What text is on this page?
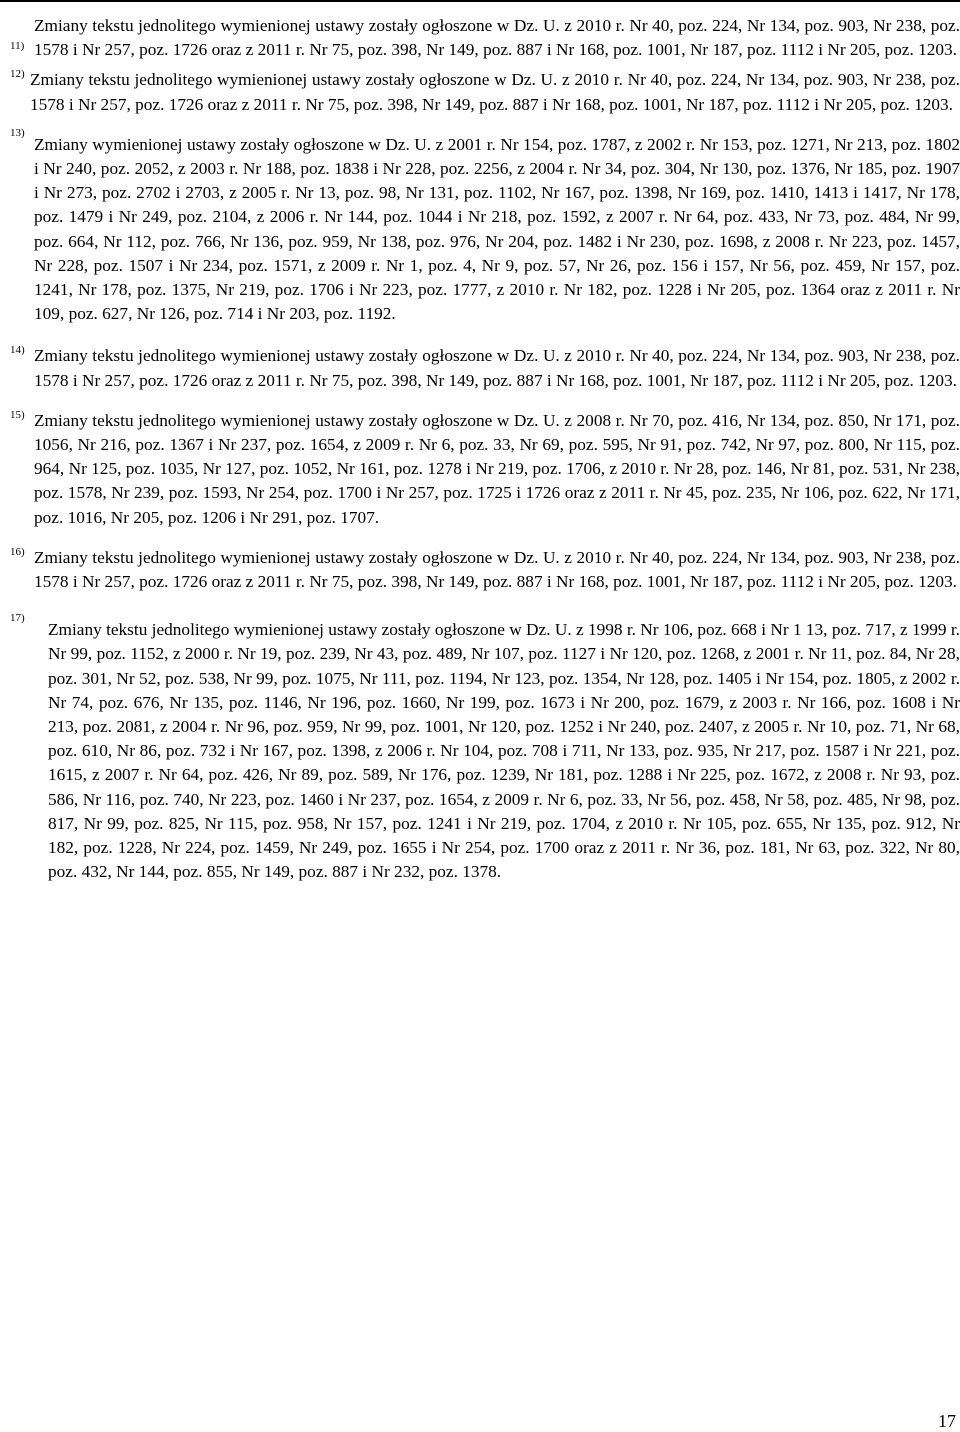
11)

Zmiany tekstu jednolitego wymienionej ustawy zostały ogłoszone w Dz. U. z 2010 r. Nr 40, poz. 224, Nr 134, poz. 903, Nr 238, poz. 1578 i Nr 257, poz. 1726 oraz z 2011 r. Nr 75, poz. 398, Nr 149, poz. 887 i Nr 168, poz. 1001, Nr 187, poz. 1112 i Nr 205, poz. 1203.

12) Zmiany tekstu jednolitego wymienionej ustawy zostały ogłoszone w Dz. U. z 2010 r. Nr 40, poz. 224, Nr 134, poz. 903, Nr 238, poz. 1578 i Nr 257, poz. 1726 oraz z 2011 r. Nr 75, poz. 398, Nr 149, poz. 887 i Nr 168, poz. 1001, Nr 187, poz. 1112 i Nr 205, poz. 1203.

13)

Zmiany wymienionej ustawy zostały ogłoszone w Dz. U. z 2001 r. Nr 154, poz. 1787, z 2002 r. Nr 153, poz. 1271, Nr 213, poz. 1802 i Nr 240, poz. 2052, z 2003 r. Nr 188, poz. 1838 i Nr 228, poz. 2256, z 2004 r. Nr 34, poz. 304, Nr 130, poz. 1376, Nr 185, poz. 1907 i Nr 273, poz. 2702 i 2703, z 2005 r. Nr 13, poz. 98, Nr 131, poz. 1102, Nr 167, poz. 1398, Nr 169, poz. 1410, 1413 i 1417, Nr 178, poz. 1479 i Nr 249, poz. 2104, z 2006 r. Nr 144, poz. 1044 i Nr 218, poz. 1592, z 2007 r. Nr 64, poz. 433, Nr 73, poz. 484, Nr 99, poz. 664, Nr 112, poz. 766, Nr 136, poz. 959, Nr 138, poz. 976, Nr 204, poz. 1482 i Nr 230, poz. 1698, z 2008 r. Nr 223, poz. 1457, Nr 228, poz. 1507 i Nr 234, poz. 1571, z 2009 r. Nr 1, poz. 4, Nr 9, poz. 57, Nr 26, poz. 156 i 157, Nr 56, poz. 459, Nr 157, poz. 1241, Nr 178, poz. 1375, Nr 219, poz. 1706 i Nr 223, poz. 1777, z 2010 r. Nr 182, poz. 1228 i Nr 205, poz. 1364 oraz z 2011 r. Nr 109, poz. 627, Nr 126, poz. 714 i Nr 203, poz. 1192.

14) Zmiany tekstu jednolitego wymienionej ustawy zostały ogłoszone w Dz. U. z 2010 r. Nr 40, poz. 224, Nr 134, poz. 903, Nr 238, poz. 1578 i Nr 257, poz. 1726 oraz z 2011 r. Nr 75, poz. 398, Nr 149, poz. 887 i Nr 168, poz. 1001, Nr 187, poz. 1112 i Nr 205, poz. 1203.

15) Zmiany tekstu jednolitego wymienionej ustawy zostały ogłoszone w Dz. U. z 2008 r. Nr 70, poz. 416, Nr 134, poz. 850, Nr 171, poz. 1056, Nr 216, poz. 1367 i Nr 237, poz. 1654, z 2009 r. Nr 6, poz. 33, Nr 69, poz. 595, Nr 91, poz. 742, Nr 97, poz. 800, Nr 115, poz. 964, Nr 125, poz. 1035, Nr 127, poz. 1052, Nr 161, poz. 1278 i Nr 219, poz. 1706, z 2010 r. Nr 28, poz. 146, Nr 81, poz. 531, Nr 238, poz. 1578, Nr 239, poz. 1593, Nr 254, poz. 1700 i Nr 257, poz. 1725 i 1726 oraz z 2011 r. Nr 45, poz. 235, Nr 106, poz. 622, Nr 171, poz. 1016, Nr 205, poz. 1206 i Nr 291, poz. 1707.

16) Zmiany tekstu jednolitego wymienionej ustawy zostały ogłoszone w Dz. U. z 2010 r. Nr 40, poz. 224, Nr 134, poz. 903, Nr 238, poz. 1578 i Nr 257, poz. 1726 oraz z 2011 r. Nr 75, poz. 398, Nr 149, poz. 887 i Nr 168, poz. 1001, Nr 187, poz. 1112 i Nr 205, poz. 1203.

17)

Zmiany tekstu jednolitego wymienionej ustawy zostały ogłoszone w Dz. U. z 1998 r. Nr 106, poz. 668 i Nr 1 13, poz. 717, z 1999 r. Nr 99, poz. 1152, z 2000 r. Nr 19, poz. 239, Nr 43, poz. 489, Nr 107, poz. 1127 i Nr 120, poz. 1268, z 2001 r. Nr 11, poz. 84, Nr 28, poz. 301, Nr 52, poz. 538, Nr 99, poz. 1075, Nr 111, poz. 1194, Nr 123, poz. 1354, Nr 128, poz. 1405 i Nr 154, poz. 1805, z 2002 r. Nr 74, poz. 676, Nr 135, poz. 1146, Nr 196, poz. 1660, Nr 199, poz. 1673 i Nr 200, poz. 1679, z 2003 r. Nr 166, poz. 1608 i Nr 213, poz. 2081, z 2004 r. Nr 96, poz. 959, Nr 99, poz. 1001, Nr 120, poz. 1252 i Nr 240, poz. 2407, z 2005 r. Nr 10, poz. 71, Nr 68, poz. 610, Nr 86, poz. 732 i Nr 167, poz. 1398, z 2006 r. Nr 104, poz. 708 i 711, Nr 133, poz. 935, Nr 217, poz. 1587 i Nr 221, poz. 1615, z 2007 r. Nr 64, poz. 426, Nr 89, poz. 589, Nr 176, poz. 1239, Nr 181, poz. 1288 i Nr 225, poz. 1672, z 2008 r. Nr 93, poz. 586, Nr 116, poz. 740, Nr 223, poz. 1460 i Nr 237, poz. 1654, z 2009 r. Nr 6, poz. 33, Nr 56, poz. 458, Nr 58, poz. 485, Nr 98, poz. 817, Nr 99, poz. 825, Nr 115, poz. 958, Nr 157, poz. 1241 i Nr 219, poz. 1704, z 2010 r. Nr 105, poz. 655, Nr 135, poz. 912, Nr 182, poz. 1228, Nr 224, poz. 1459, Nr 249, poz. 1655 i Nr 254, poz. 1700 oraz z 2011 r. Nr 36, poz. 181, Nr 63, poz. 322, Nr 80, poz. 432, Nr 144, poz. 855, Nr 149, poz. 887 i Nr 232, poz. 1378.

17
